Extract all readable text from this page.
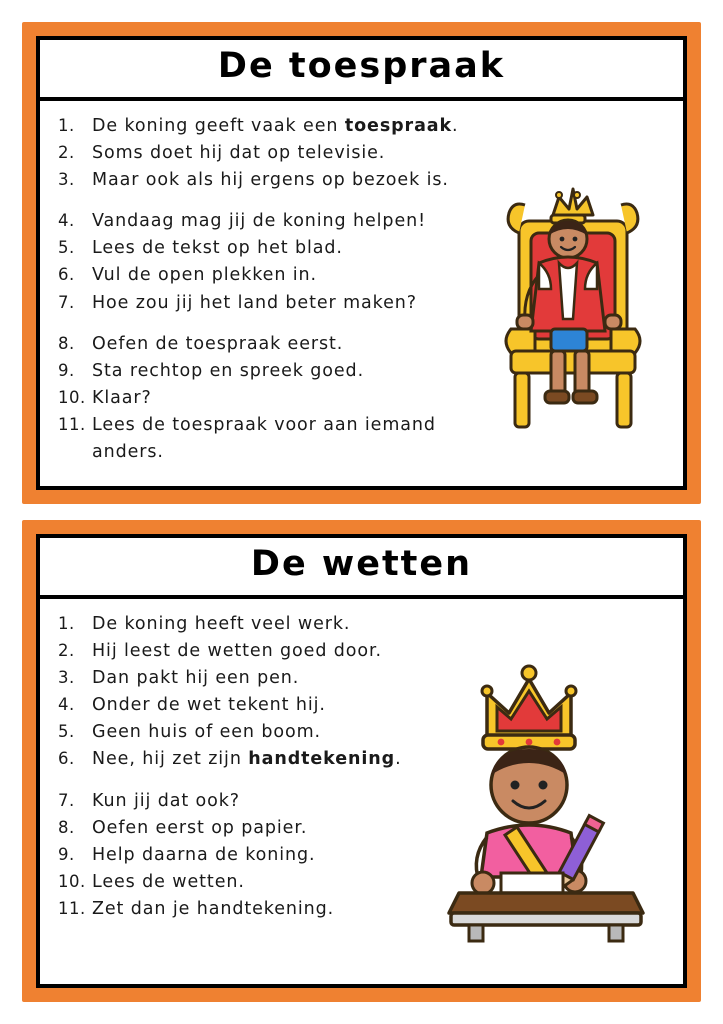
De toespraak
1. De koning geeft vaak een toespraak.
2. Soms doet hij dat op televisie.
3. Maar ook als hij ergens op bezoek is.
4. Vandaag mag jij de koning helpen!
5. Lees de tekst op het blad.
6. Vul de open plekken in.
7. Hoe zou jij het land beter maken?
8. Oefen de toespraak eerst.
9. Sta rechtop en spreek goed.
10. Klaar?
11. Lees de toespraak voor aan iemand anders.
De wetten
1. De koning heeft veel werk.
2. Hij leest de wetten goed door.
3. Dan pakt hij een pen.
4. Onder de wet tekent hij.
5. Geen huis of een boom.
6. Nee, hij zet zijn handtekening.
7. Kun jij dat ook?
8. Oefen eerst op papier.
9. Help daarna de koning.
10. Lees de wetten.
11. Zet dan je handtekening.
